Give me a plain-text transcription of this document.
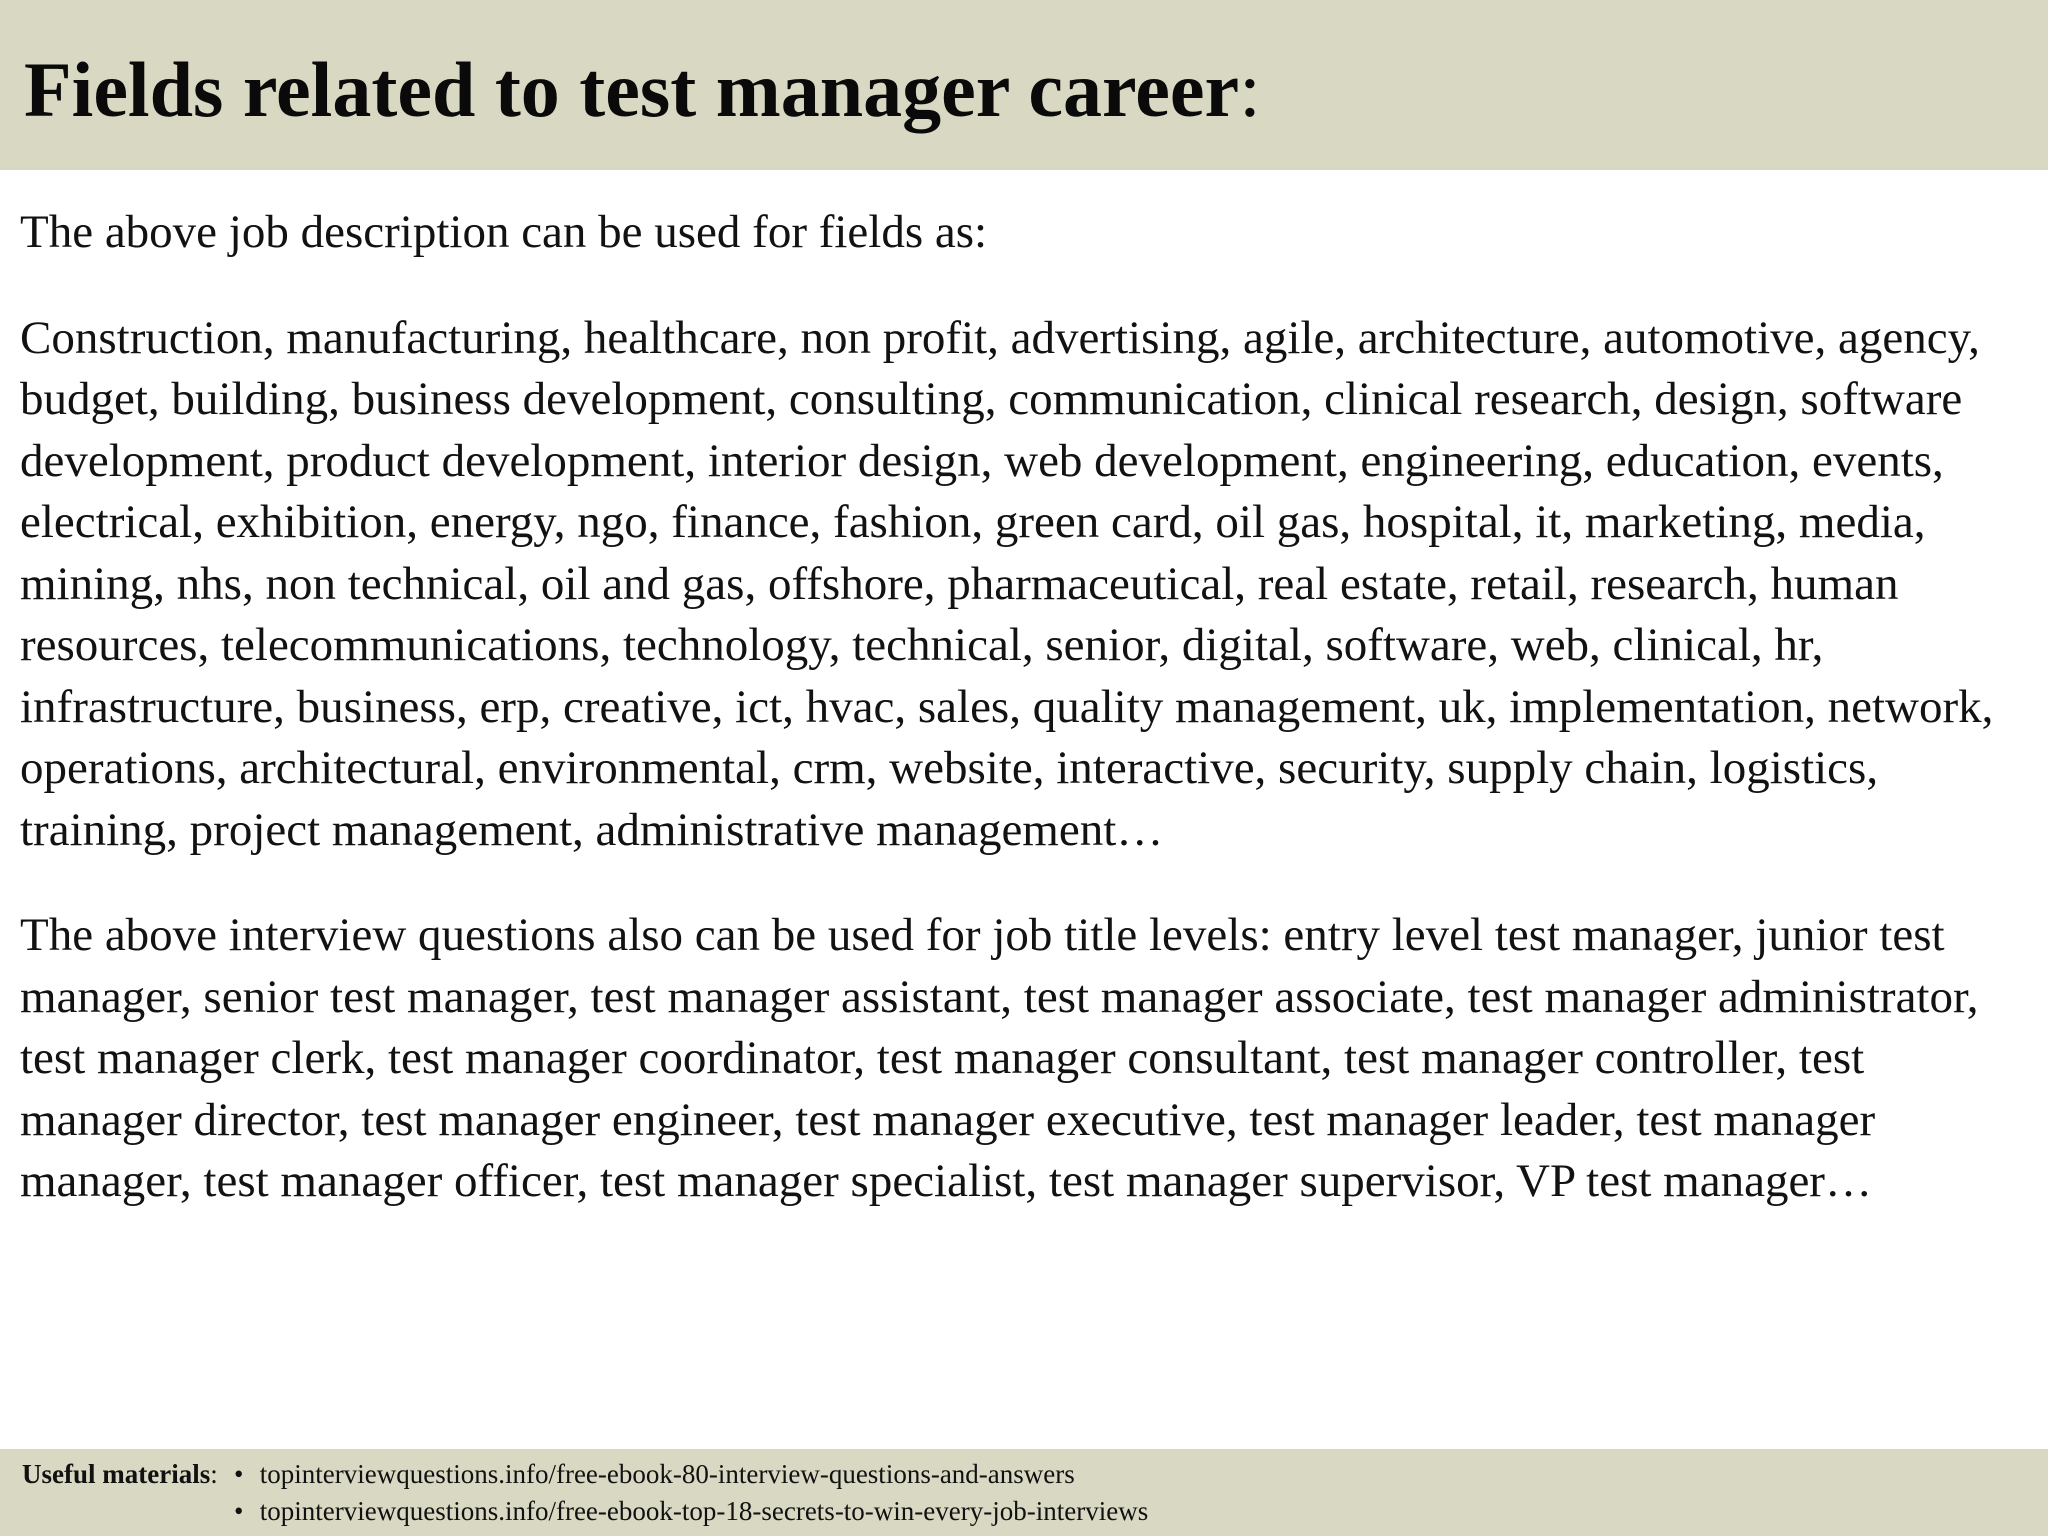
Fields related to test manager career:

The above job description can be used for fields as:

Construction, manufacturing, healthcare, non profit, advertising, agile, architecture, automotive, agency, budget, building, business development, consulting, communication, clinical research, design, software development, product development, interior design, web development, engineering, education, events, electrical, exhibition, energy, ngo, finance, fashion, green card, oil gas, hospital, it, marketing, media, mining, nhs, non technical, oil and gas, offshore, pharmaceutical, real estate, retail, research, human resources, telecommunications, technology, technical, senior, digital, software, web, clinical, hr, infrastructure, business, erp, creative, ict, hvac, sales, quality management, uk, implementation, network, operations, architectural, environmental, crm, website, interactive, security, supply chain, logistics, training, project management, administrative management…

The above interview questions also can be used for job title levels: entry level test manager, junior test manager, senior test manager, test manager assistant, test manager associate, test manager administrator, test manager clerk, test manager coordinator, test manager consultant, test manager controller, test manager director, test manager engineer, test manager executive, test manager leader, test manager manager, test manager officer, test manager specialist, test manager supervisor, VP test manager…

Useful materials:
•	topinterviewquestions.info/free-ebook-80-interview-questions-and-answers
• topinterviewquestions.info/free-ebook-top-18-secrets-to-win-every-job-interviews
